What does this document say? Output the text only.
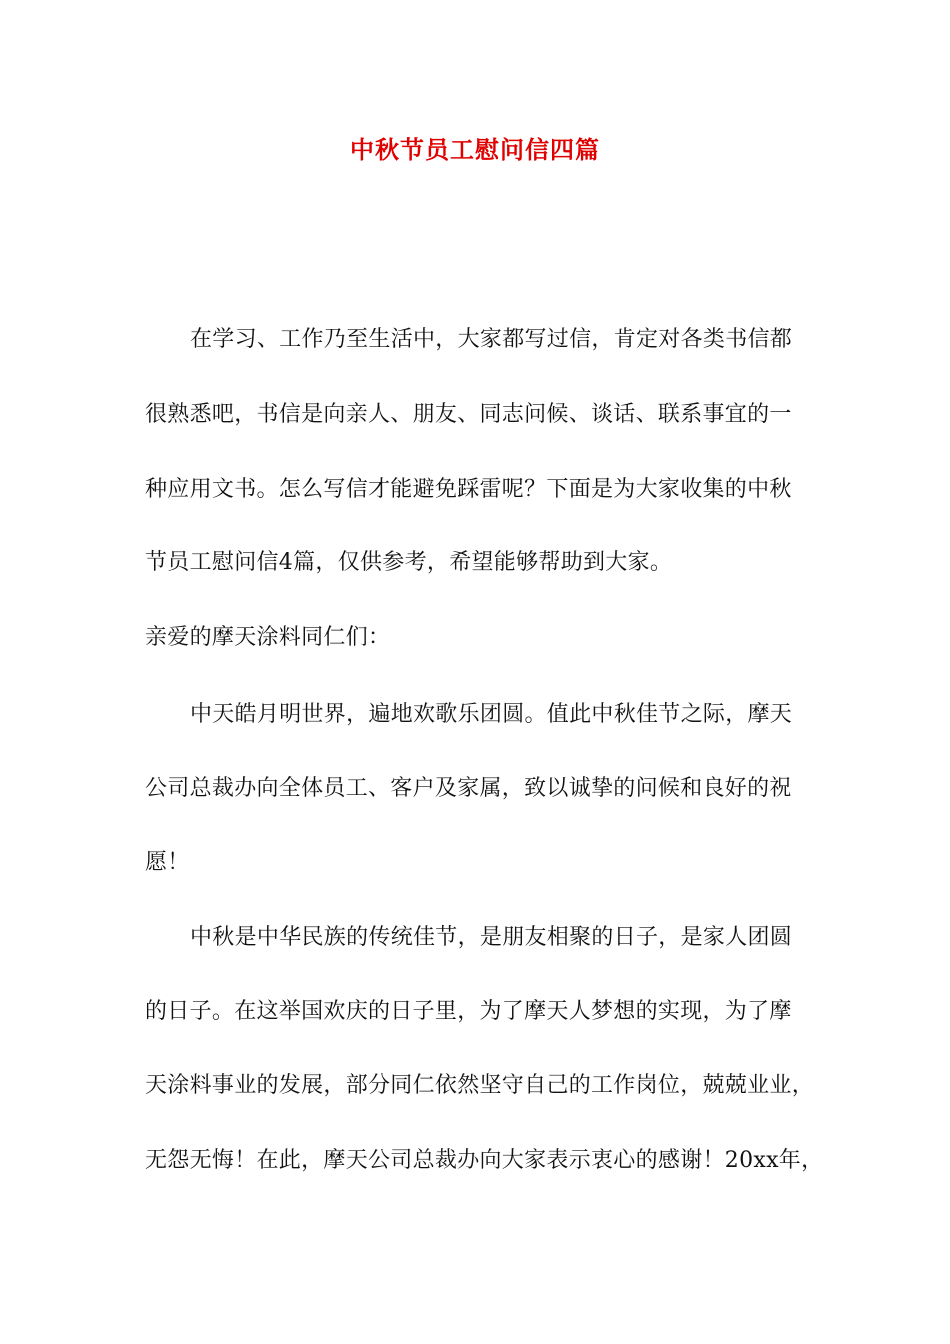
中秋节员工慰问信四篇
在学习、工作乃至生活中，大家都写过信，肯定对各类书信都
很熟悉吧，书信是向亲人、朋友、同志问候、谈话、联系事宜的一
种应用文书。怎么写信才能避免踩雷呢？下面是为大家收集的中秋
节员工慰问信4篇，仅供参考，希望能够帮助到大家。
亲爱的摩天涂料同仁们：
中天皓月明世界，遍地欢歌乐团圆。值此中秋佳节之际，摩天
公司总裁办向全体员工、客户及家属，致以诚挚的问候和良好的祝
愿！
中秋是中华民族的传统佳节，是朋友相聚的日子，是家人团圆
的日子。在这举国欢庆的日子里，为了摩天人梦想的实现，为了摩
天涂料事业的发展，部分同仁依然坚守自己的工作岗位，兢兢业业，
无怨无悔！在此，摩天公司总裁办向大家表示衷心的感谢！20xx年，
